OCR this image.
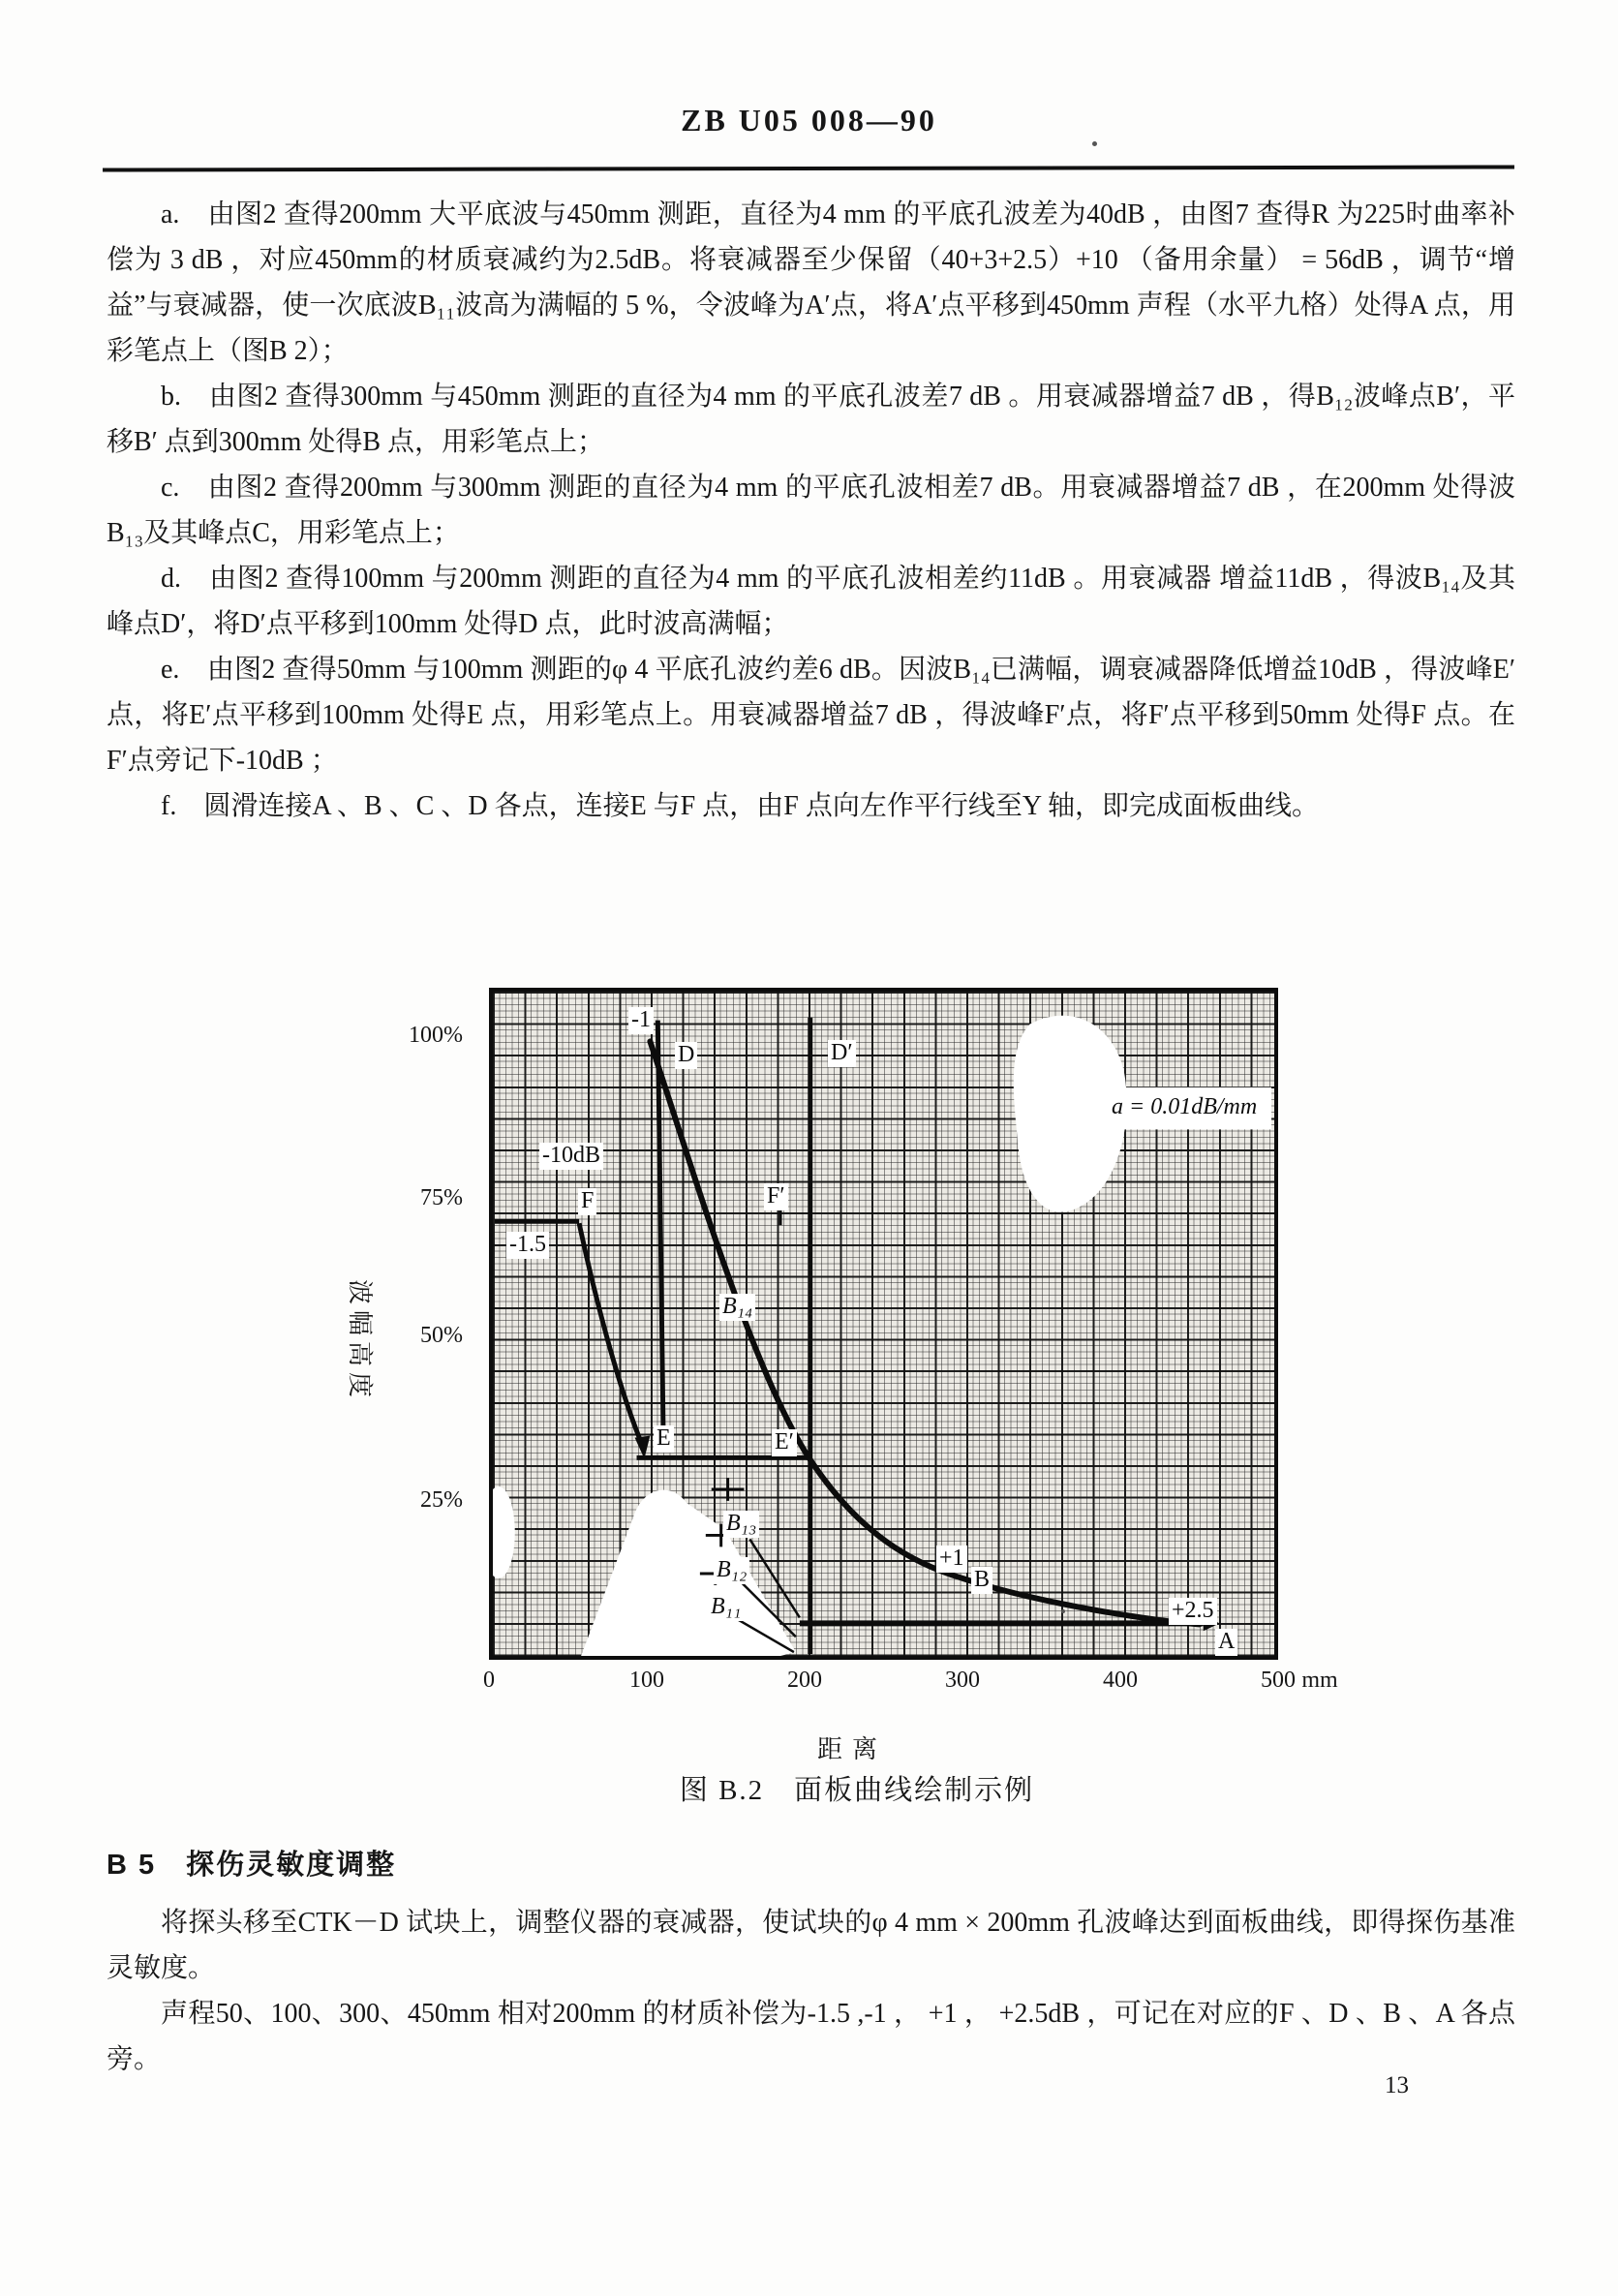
ZB U05 008—90

a.　由图2 查得200mm 大平底波与450mm 测距，直径为4 mm 的平底孔波差为40dB ，由图7 查得R 为225时曲率补偿为 3 dB ，对应450mm的材质衰减约为2.5dB。将衰减器至少保留（40+3+2.5）+10 （备用余量） = 56dB ，调节“增益”与衰减器，使一次底波B₁₁波高为满幅的 5 %，令波峰为A′点，将A′点平移到450mm 声程（水平九格）处得A 点，用彩笔点上（图B 2）；

b.　由图2 查得300mm 与450mm 测距的直径为4 mm 的平底孔波差7 dB 。用衰减器增益7 dB ，得B₁₂波峰点B′，平移B′ 点到300mm 处得B 点，用彩笔点上；

c.　由图2 查得200mm 与300mm 测距的直径为4 mm 的平底孔波相差7 dB。用衰减器增益7 dB ，在200mm 处得波B₁₃及其峰点C，用彩笔点上；

d.　由图2 查得100mm 与200mm 测距的直径为4 mm 的平底孔波相差约11dB 。用衰减器 增益11dB ，得波B₁₄及其峰点D′，将D′点平移到100mm 处得D 点，此时波高满幅；

e.　由图2 查得50mm 与100mm 测距的φ 4 平底孔波约差6 dB。因波B₁₄已满幅，调衰减器降低增益10dB ，得波峰E′点，将E′点平移到100mm 处得E 点，用彩笔点上。用衰减器增益7 dB ，得波峰F′点，将F′点平移到50mm 处得F 点。在F′点旁记下-10dB ；

f.　圆滑连接A 、B 、C 、D 各点，连接E 与F 点，由F 点向左作平行线至Y 轴，即完成面板曲线。

波幅高度
100%
75%
50%
25%
-1
D	D′
a = 0.01dB/mm
-10dB
F	F′
-1.5
B₁₄
E	E′
B₁₃
B₁₂
B₁₁
+1
B
+2.5
A
0	100	200	300	400	500 mm
距离
图 B.2　面板曲线绘制示例
B 5　探伤灵敏度调整

将探头移至CTK－D 试块上，调整仪器的衰减器，使试块的φ 4 mm × 200mm 孔波峰达到面板曲线，即得探伤基准灵敏度。

声程50、100、300、450mm 相对200mm 的材质补偿为-1.5 ,-1 ， +1 ， +2.5dB ，可记在对应的F 、D 、B 、A 各点旁。

13
